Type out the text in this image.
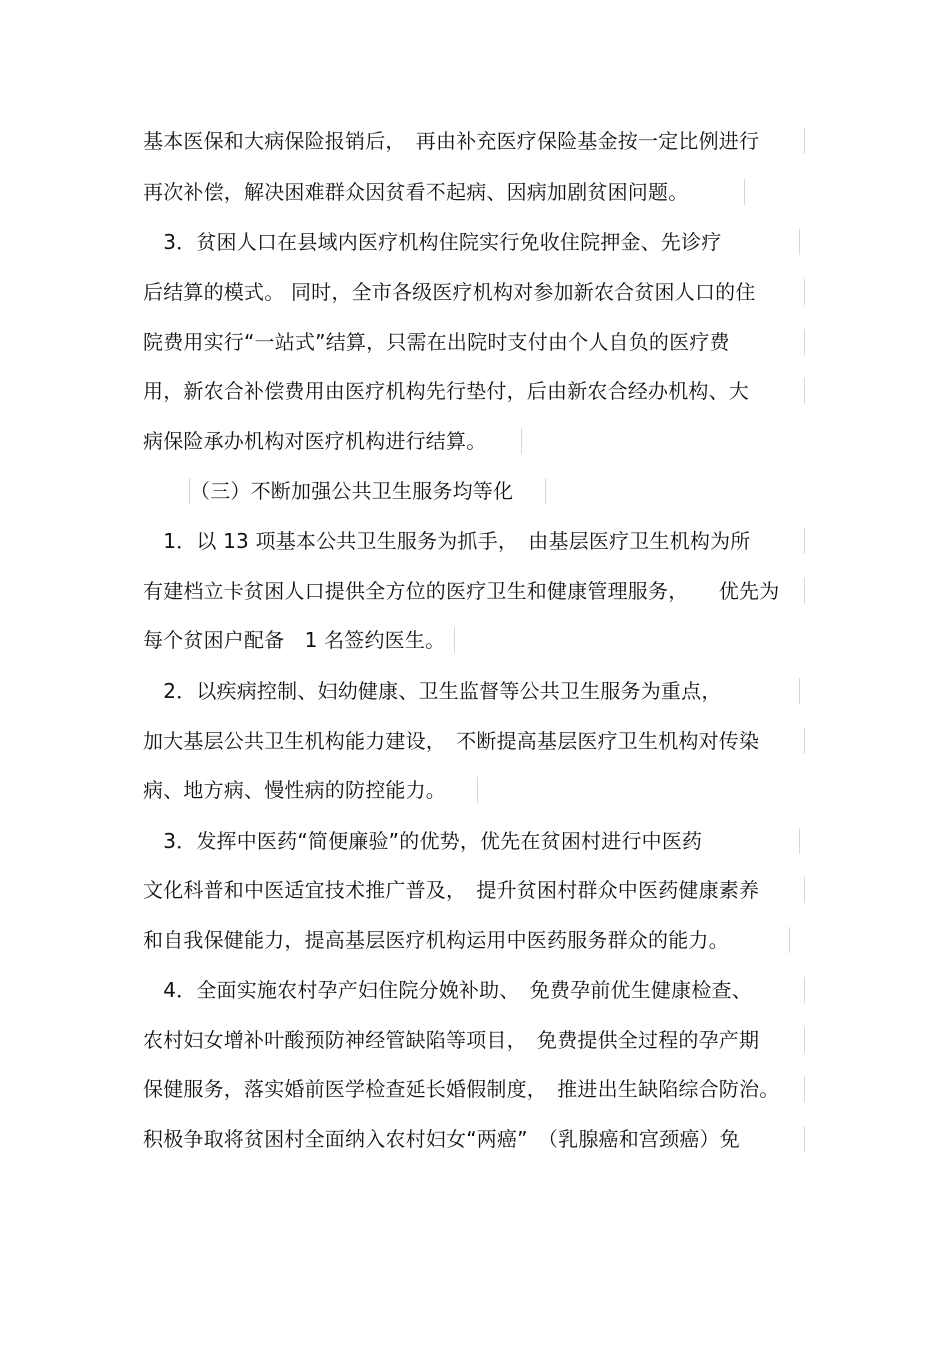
基本医保和大病保险报销后，　再由补充医疗保险基金按一定比例进行
再次补偿，解决困难群众因贫看不起病、因病加剧贫困问题。
　3．贫困人口在县域内医疗机构住院实行免收住院押金、先诊疗
后结算的模式。 同时，全市各级医疗机构对参加新农合贫困人口的住
院费用实行“一站式”结算，只需在出院时支付由个人自负的医疗费
用，新农合补偿费用由医疗机构先行垫付，后由新农合经办机构、大
病保险承办机构对医疗机构进行结算。
（三）不断加强公共卫生服务均等化
　1．以 13 项基本公共卫生服务为抓手，　由基层医疗卫生机构为所
有建档立卡贫困人口提供全方位的医疗卫生和健康管理服务，　　优先为
每个贫困户配备　1 名签约医生。
　2．以疾病控制、妇幼健康、卫生监督等公共卫生服务为重点，
加大基层公共卫生机构能力建设，　不断提高基层医疗卫生机构对传染
病、地方病、慢性病的防控能力。
　3．发挥中医药“简便廉验”的优势，优先在贫困村进行中医药
文化科普和中医适宜技术推广普及，　提升贫困村群众中医药健康素养
和自我保健能力，提高基层医疗机构运用中医药服务群众的能力。
　4．全面实施农村孕产妇住院分娩补助、　免费孕前优生健康检查、
农村妇女增补叶酸预防神经管缺陷等项目，　免费提供全过程的孕产期
保健服务，落实婚前医学检查延长婚假制度，　推进出生缺陷综合防治。
积极争取将贫困村全面纳入农村妇女“两癌”　（乳腺癌和宫颈癌）免
